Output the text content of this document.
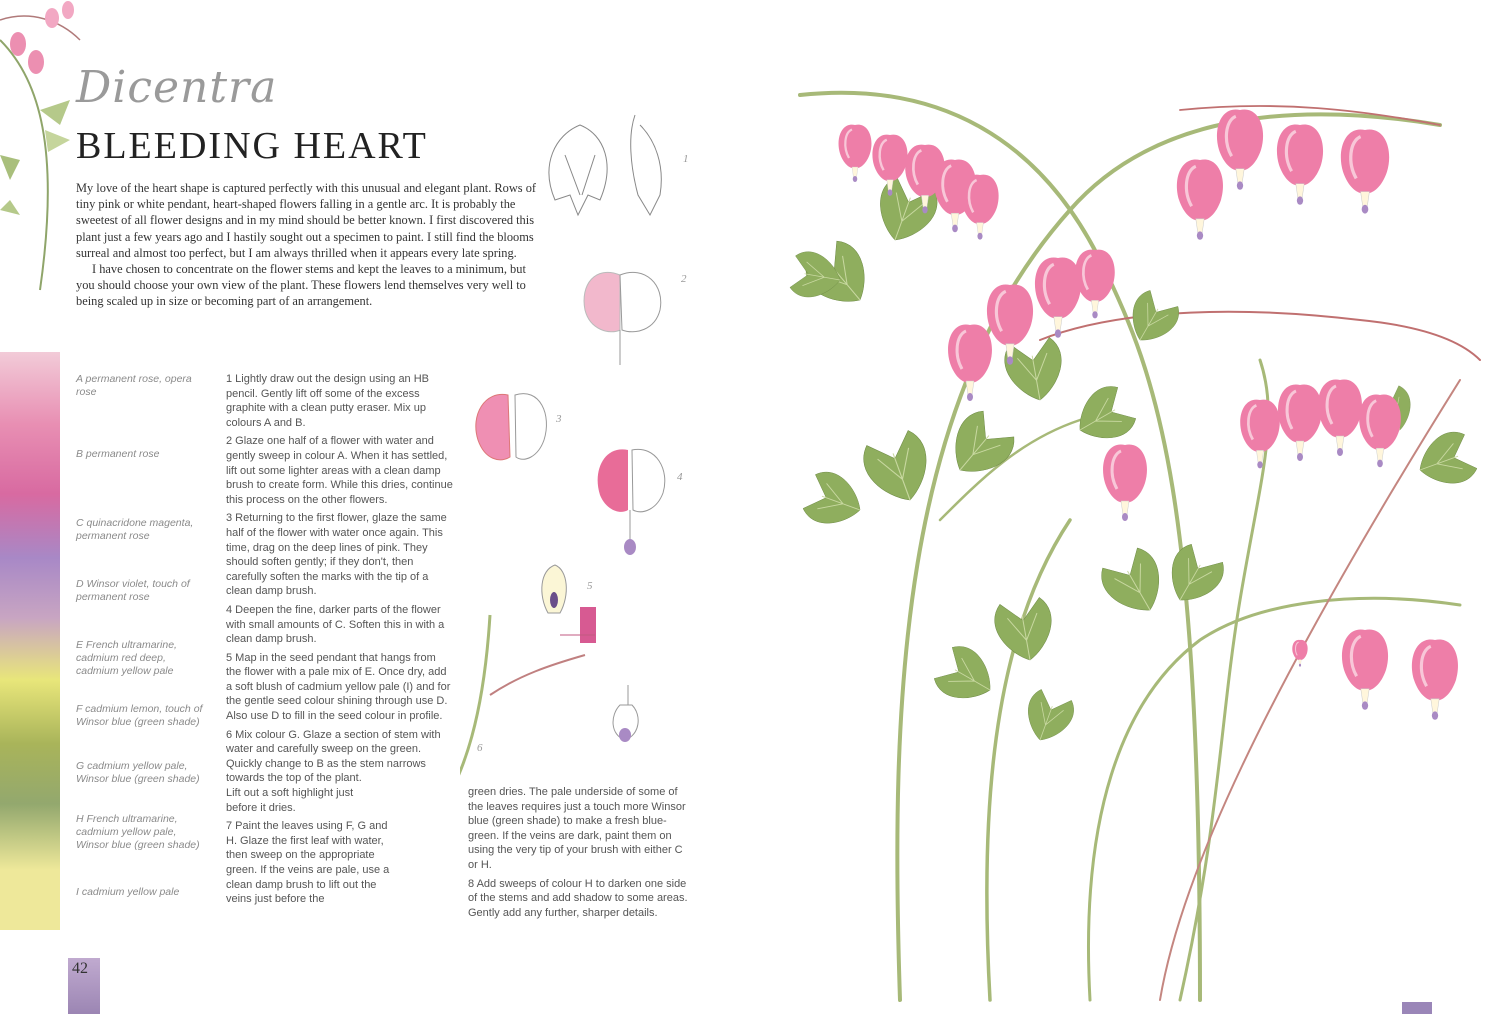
Dicentra
BLEEDING HEART

My love of the heart shape is captured perfectly with this unusual and elegant plant. Rows of tiny pink or white pendant, heart-shaped flowers falling in a gentle arc. It is probably the sweetest of all flower designs and in my mind should be better known. I first discovered this plant just a few years ago and I hastily sought out a specimen to paint. I still find the blooms surreal and almost too perfect, but I am always thrilled when it appears every late spring.

I have chosen to concentrate on the flower stems and kept the leaves to a minimum, but you should choose your own view of the plant. These flowers lend themselves very well to being scaled up in size or becoming part of an arrangement.

A permanent rose, opera rose
B permanent rose
C quinacridone magenta, permanent rose
D Winsor violet, touch of permanent rose
E French ultramarine, cadmium red deep, cadmium yellow pale
F cadmium lemon, touch of Winsor blue (green shade)
G cadmium yellow pale, Winsor blue (green shade)
H French ultramarine, cadmium yellow pale, Winsor blue (green shade)
I cadmium yellow pale

1 Lightly draw out the design using an HB pencil. Gently lift off some of the excess graphite with a clean putty eraser. Mix up colours A and B.

2 Glaze one half of a flower with water and gently sweep in colour A. When it has settled, lift out some lighter areas with a clean damp brush to create form. While this dries, continue this process on the other flowers.

3 Returning to the first flower, glaze the same half of the flower with water once again. This time, drag on the deep lines of pink. They should soften gently; if they don't, then carefully soften the marks with the tip of a clean damp brush.

4 Deepen the fine, darker parts of the flower with small amounts of C. Soften this in with a clean damp brush.

5 Map in the seed pendant that hangs from the flower with a pale mix of E. Once dry, add a soft blush of cadmium yellow pale (I) and for the gentle seed colour shining through use D. Also use D to fill in the seed colour in profile.

6 Mix colour G. Glaze a section of stem with water and carefully sweep on the green. Quickly change to B as the stem narrows towards the top of the plant.

Lift out a soft highlight just before it dries.

7 Paint the leaves using F, G and H. Glaze the first leaf with water, then sweep on the appropriate green. If the veins are pale, use a clean damp brush to lift out the veins just before the

green dries. The pale underside of some of the leaves requires just a touch more Winsor blue (green shade) to make a fresh blue-green. If the veins are dark, paint them on using the very tip of your brush with either C or H.

8 Add sweeps of colour H to darken one side of the stems and add shadow to some areas. Gently add any further, sharper details.

1
2
3
4
5
6
42
